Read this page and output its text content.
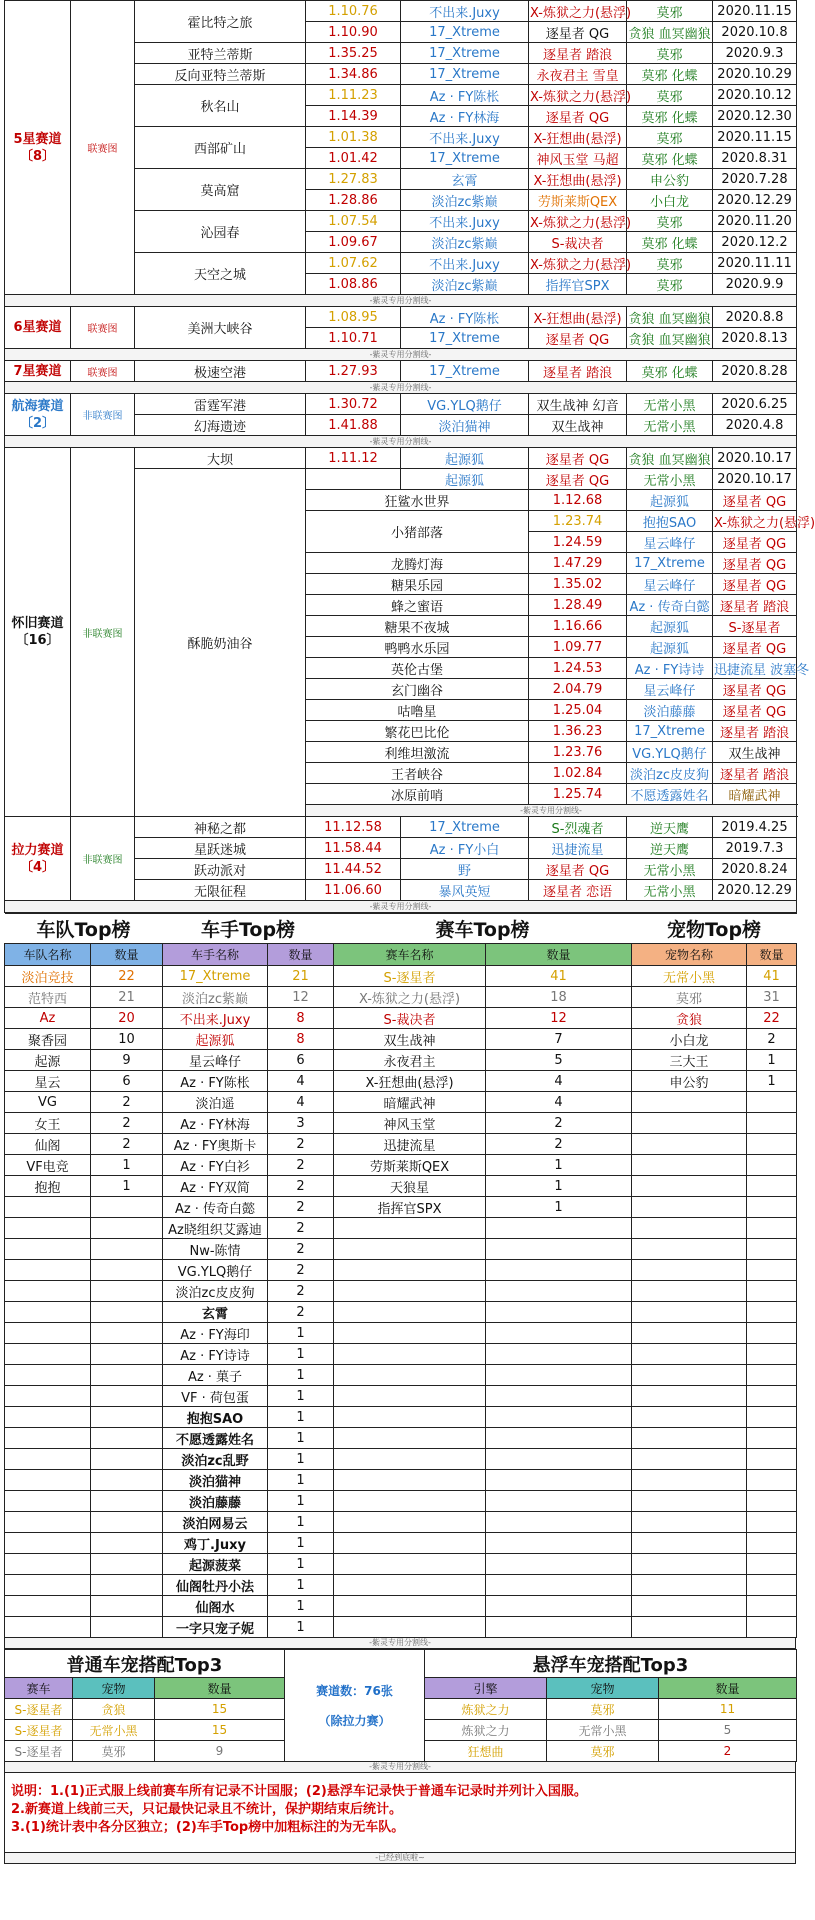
5星赛道
〔8〕	联赛图	霍比特之旅	1.10.76	不出来.Juxy	X-炼狱之力(悬浮)	莫邪	2020.11.15	
			1.10.90	17_Xtreme	逐星者 QG	贪狼 血冥幽狼	2020.10.8	
		亚特兰蒂斯	1.35.25	17_Xtreme	逐星者 踏浪	莫邪	2020.9.3	
		反向亚特兰蒂斯	1.34.86	17_Xtreme	永夜君主 雪皇	莫邪 化蝶	2020.10.29	
		秋名山	1.11.23	Az · FY陈枨	X-炼狱之力(悬浮)	莫邪	2020.10.12	
			1.14.39	Az · FY林海	逐星者 QG	莫邪 化蝶	2020.12.30	
		西部矿山	1.01.38	不出来.Juxy	X-狂想曲(悬浮)	莫邪	2020.11.15	
			1.01.42	17_Xtreme	神风玉堂 马超	莫邪 化蝶	2020.8.31	
		莫高窟	1.27.83	玄霄	X-狂想曲(悬浮)	申公豹	2020.7.28	
			1.28.86	淡泊zc紫巅	劳斯莱斯QEX	小白龙	2020.12.29	
		沁园春	1.07.54	不出来.Juxy	X-炼狱之力(悬浮)	莫邪	2020.11.20	
			1.09.67	淡泊zc紫巅	S-裁决者	莫邪 化蝶	2020.12.2	
		天空之城	1.07.62	不出来.Juxy	X-炼狱之力(悬浮)	莫邪	2020.11.11	
			1.08.86	淡泊zc紫巅	指挥官SPX	莫邪	2020.9.9	
-紫灵专用分割线-								

6星赛道	联赛图	美洲大峡谷	1.08.95	Az · FY陈枨	X-狂想曲(悬浮)	贪狼 血冥幽狼	2020.8.8	
			1.10.71	17_Xtreme	逐星者 QG	贪狼 血冥幽狼	2020.8.13	
-紫灵专用分割线-								

7星赛道	联赛图	极速空港	1.27.93	17_Xtreme	逐星者 踏浪	莫邪 化蝶	2020.8.28	
-紫灵专用分割线-								

航海赛道
〔2〕	非联赛图	雷霆军港	1.30.72	VG.YLQ鹅仔	双生战神 幻音	无常小黑	2020.6.25	
		幻海遗迹	1.41.88	淡泊猫神	双生战神	无常小黑	2020.4.8	
-紫灵专用分割线-								

怀旧赛道
〔16〕	非联赛图	大坝	1.11.12	起源狐	逐星者 QG	贪狼 血冥幽狼	2020.10.17	
		酥脆奶油谷		起源狐	逐星者 QG	无常小黑	2020.10.17	
			狂鲨水世界		1.12.68	起源狐	逐星者 QG		
			小猪部落		1.23.74	抱抱SAO	X-炼狱之力(悬浮)		
					1.24.59	星云峰仔	逐星者 QG		
			龙腾灯海		1.47.29	17_Xtreme	逐星者 QG		
			糖果乐园		1.35.02	星云峰仔	逐星者 QG		
			蜂之蜜语		1.28.49	Az · 传奇白懿	逐星者 踏浪		
			糖果不夜城		1.16.66	起源狐	S-逐星者		
			鸭鸭水乐园		1.09.77	起源狐	逐星者 QG		
			英伦古堡		1.24.53	Az · FY诗诗	迅捷流星 波塞冬		
			玄门幽谷		2.04.79	星云峰仔	逐星者 QG		
			咕噜星		1.25.04	淡泊藤藤	逐星者 QG		
			繁花巴比伦		1.36.23	17_Xtreme	逐星者 踏浪		
			利维坦激流		1.23.76	VG.YLQ鹅仔	双生战神		
			王者峡谷		1.02.84	淡泊zc皮皮狗	逐星者 踏浪		
			冰原前哨		1.25.74	不愿透露姓名	暗耀武神		
			-紫灵专用分割线-					

拉力赛道
〔4〕	非联赛图	神秘之都	11.12.58	17_Xtreme	S-烈魂者	逆天鹰	2019.4.25	
		星跃迷城	11.58.44	Az · FY小白	迅捷流星	逆天鹰	2019.7.3	
		跃动派对	11.44.52	野	逐星者 QG	无常小黑	2020.8.24	
		无限征程	11.06.60	暴风英短	逐星者 恋语	无常小黑	2020.12.29	
-紫灵专用分割线-								
车队Top榜		车手Top榜		赛车Top榜		宠物Top榜	
车队名称	数量	车手名称	数量	赛车名称	数量	宠物名称	数量
淡泊竞技	22	17_Xtreme	21	S-逐星者	41	无常小黑	41
范特西	21	淡泊zc紫巅	12	X-炼狱之力(悬浮)	18	莫邪	31
Az	20	不出来.Juxy	8	S-裁决者	12	贪狼	22
聚香园	10	起源狐	8	双生战神	7	小白龙	2
起源	9	星云峰仔	6	永夜君主	5	三大王	1
星云	6	Az · FY陈枨	4	X-狂想曲(悬浮)	4	申公豹	1
VG	2	淡泊遥	4	暗耀武神	4		
女王	2	Az · FY林海	3	神风玉堂	2		
仙阁	2	Az · FY奥斯卡	2	迅捷流星	2		
VF电竞	1	Az · FY白衫	2	劳斯莱斯QEX	1		
抱抱	1	Az · FY双简	2	天狼星	1		
		Az · 传奇白懿	2	指挥官SPX	1		
		Az晓组织艾露迪	2				
		Nw-陈情	2				
		VG.YLQ鹅仔	2				
		淡泊zc皮皮狗	2				
		玄霄	2				
		Az · FY海印	1				
		Az · FY诗诗	1				
		Az · 菓子	1				
		VF · 荷包蛋	1				
		抱抱SAO	1				
		不愿透露姓名	1				
		淡泊zc乱野	1				
		淡泊猫神	1				
		淡泊藤藤	1				
		淡泊网易云	1				
		鸡丁.Juxy	1				
		起源菠菜	1				
		仙阁牡丹小法	1				
		仙阁水	1				
		一字只宠子妮	1				
-紫灵专用分割线-
普通车宠搭配Top3			赛道数：76张
（除拉力赛）	悬浮车宠搭配Top3		
赛车	宠物	数量		引擎	宠物	数量
S-逐星者	贪狼	15		炼狱之力	莫邪	11
S-逐星者	无常小黑	15		炼狱之力	无常小黑	5
S-逐星者	莫邪	9		狂想曲	莫邪	2
-紫灵专用分割线-
说明：1.(1)正式服上线前赛车所有记录不计国服；(2)悬浮车记录快于普通车记录时并列计入国服。
2.新赛道上线前三天，只记最快记录且不统计，保护期结束后统计。
3.(1)统计表中各分区独立；(2)车手Top榜中加粗标注的为无车队。
-已经到底啦~
